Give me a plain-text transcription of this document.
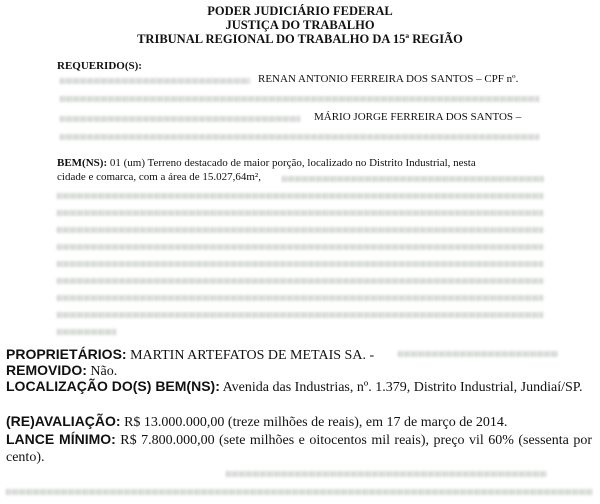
PODER JUDICIÁRIO FEDERAL
JUSTIÇA DO TRABALHO
TRIBUNAL REGIONAL DO TRABALHO DA 15ª REGIÃO
REQUERIDO(S):
RENAN ANTONIO FERREIRA DOS SANTOS – CPF nº.
MÁRIO JORGE FERREIRA DOS SANTOS –
BEM(NS): 01 (um) Terreno destacado de maior porção, localizado no Distrito Industrial, nesta
cidade e comarca, com a área de 15.027,64m²,
PROPRIETÁRIOS: MARTIN ARTEFATOS DE METAIS SA. -
REMOVIDO: Não.
LOCALIZAÇÃO DO(S) BEM(NS): Avenida das Industrias, nº. 1.379, Distrito Industrial, Jundiaí/SP.
(RE)AVALIAÇÃO: R$ 13.000.000,00 (treze milhões de reais), em 17 de março de 2014.
LANCE MÍNIMO: R$ 7.800.000,00 (sete milhões e oitocentos mil reais), preço vil 60% (sessenta por cento).
